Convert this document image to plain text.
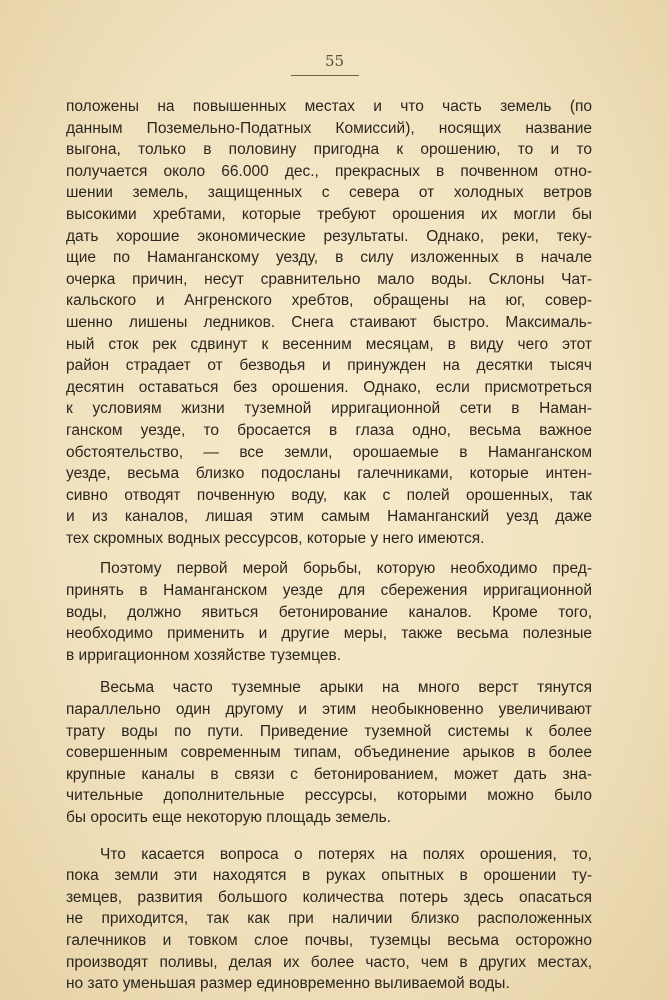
55
положены на повышенных местах и что часть земель (по
данным Поземельно-Податных Комиссий), носящих название
выгона, только в половину пригодна к орошению, то и то
получается около 66.000 дес., прекрасных в почвенном отно-
шении земель, защищенных с севера от холодных ветров
высокими хребтами, которые требуют орошения их могли бы
дать хорошие экономические результаты. Однако, реки, теку-
щие по Наманганскому уезду, в силу изложенных в начале
очерка причин, несут сравнительно мало воды. Склоны Чат-
кальского и Ангренского хребтов, обращены на юг, совер-
шенно лишены ледников. Снега стаивают быстро. Максималь-
ный сток рек сдвинут к весенним месяцам, в виду чего этот
район страдает от безводья и принужден на десятки тысяч
десятин оставаться без орошения. Однако, если присмотреться
к условиям жизни туземной ирригационной сети в Наман-
ганском уезде, то бросается в глаза одно, весьма важное
обстоятельство, — все земли, орошаемые в Наманганском
уезде, весьма близко подосланы галечниками, которые интен-
сивно отводят почвенную воду, как с полей орошенных, так
и из каналов, лишая этим самым Наманганский уезд даже
тех скромных водных рессурсов, которые у него имеются.
Поэтому первой мерой борьбы, которую необходимо пред-
принять в Наманганском уезде для сбережения ирригационной
воды, должно явиться бетонирование каналов. Кроме того,
необходимо применить и другие меры, также весьма полезные
в ирригационном хозяйстве туземцев.
Весьма часто туземные арыки на много верст тянутся
параллельно один другому и этим необыкновенно увеличивают
трату воды по пути. Приведение туземной системы к более
совершенным современным типам, объединение арыков в более
крупные каналы в связи с бетонированием, может дать зна-
чительные дополнительные рессурсы, которыми можно было
бы оросить еще некоторую площадь земель.
Что касается вопроса о потерях на полях орошения, то,
пока земли эти находятся в руках опытных в орошении ту-
земцев, развития большого количества потерь здесь опасаться
не приходится, так как при наличии близко расположенных
галечников и товком слое почвы, туземцы весьма осторожно
производят поливы, делая их более часто, чем в других местах,
но зато уменьшая размер единовременно выливаемой воды.
